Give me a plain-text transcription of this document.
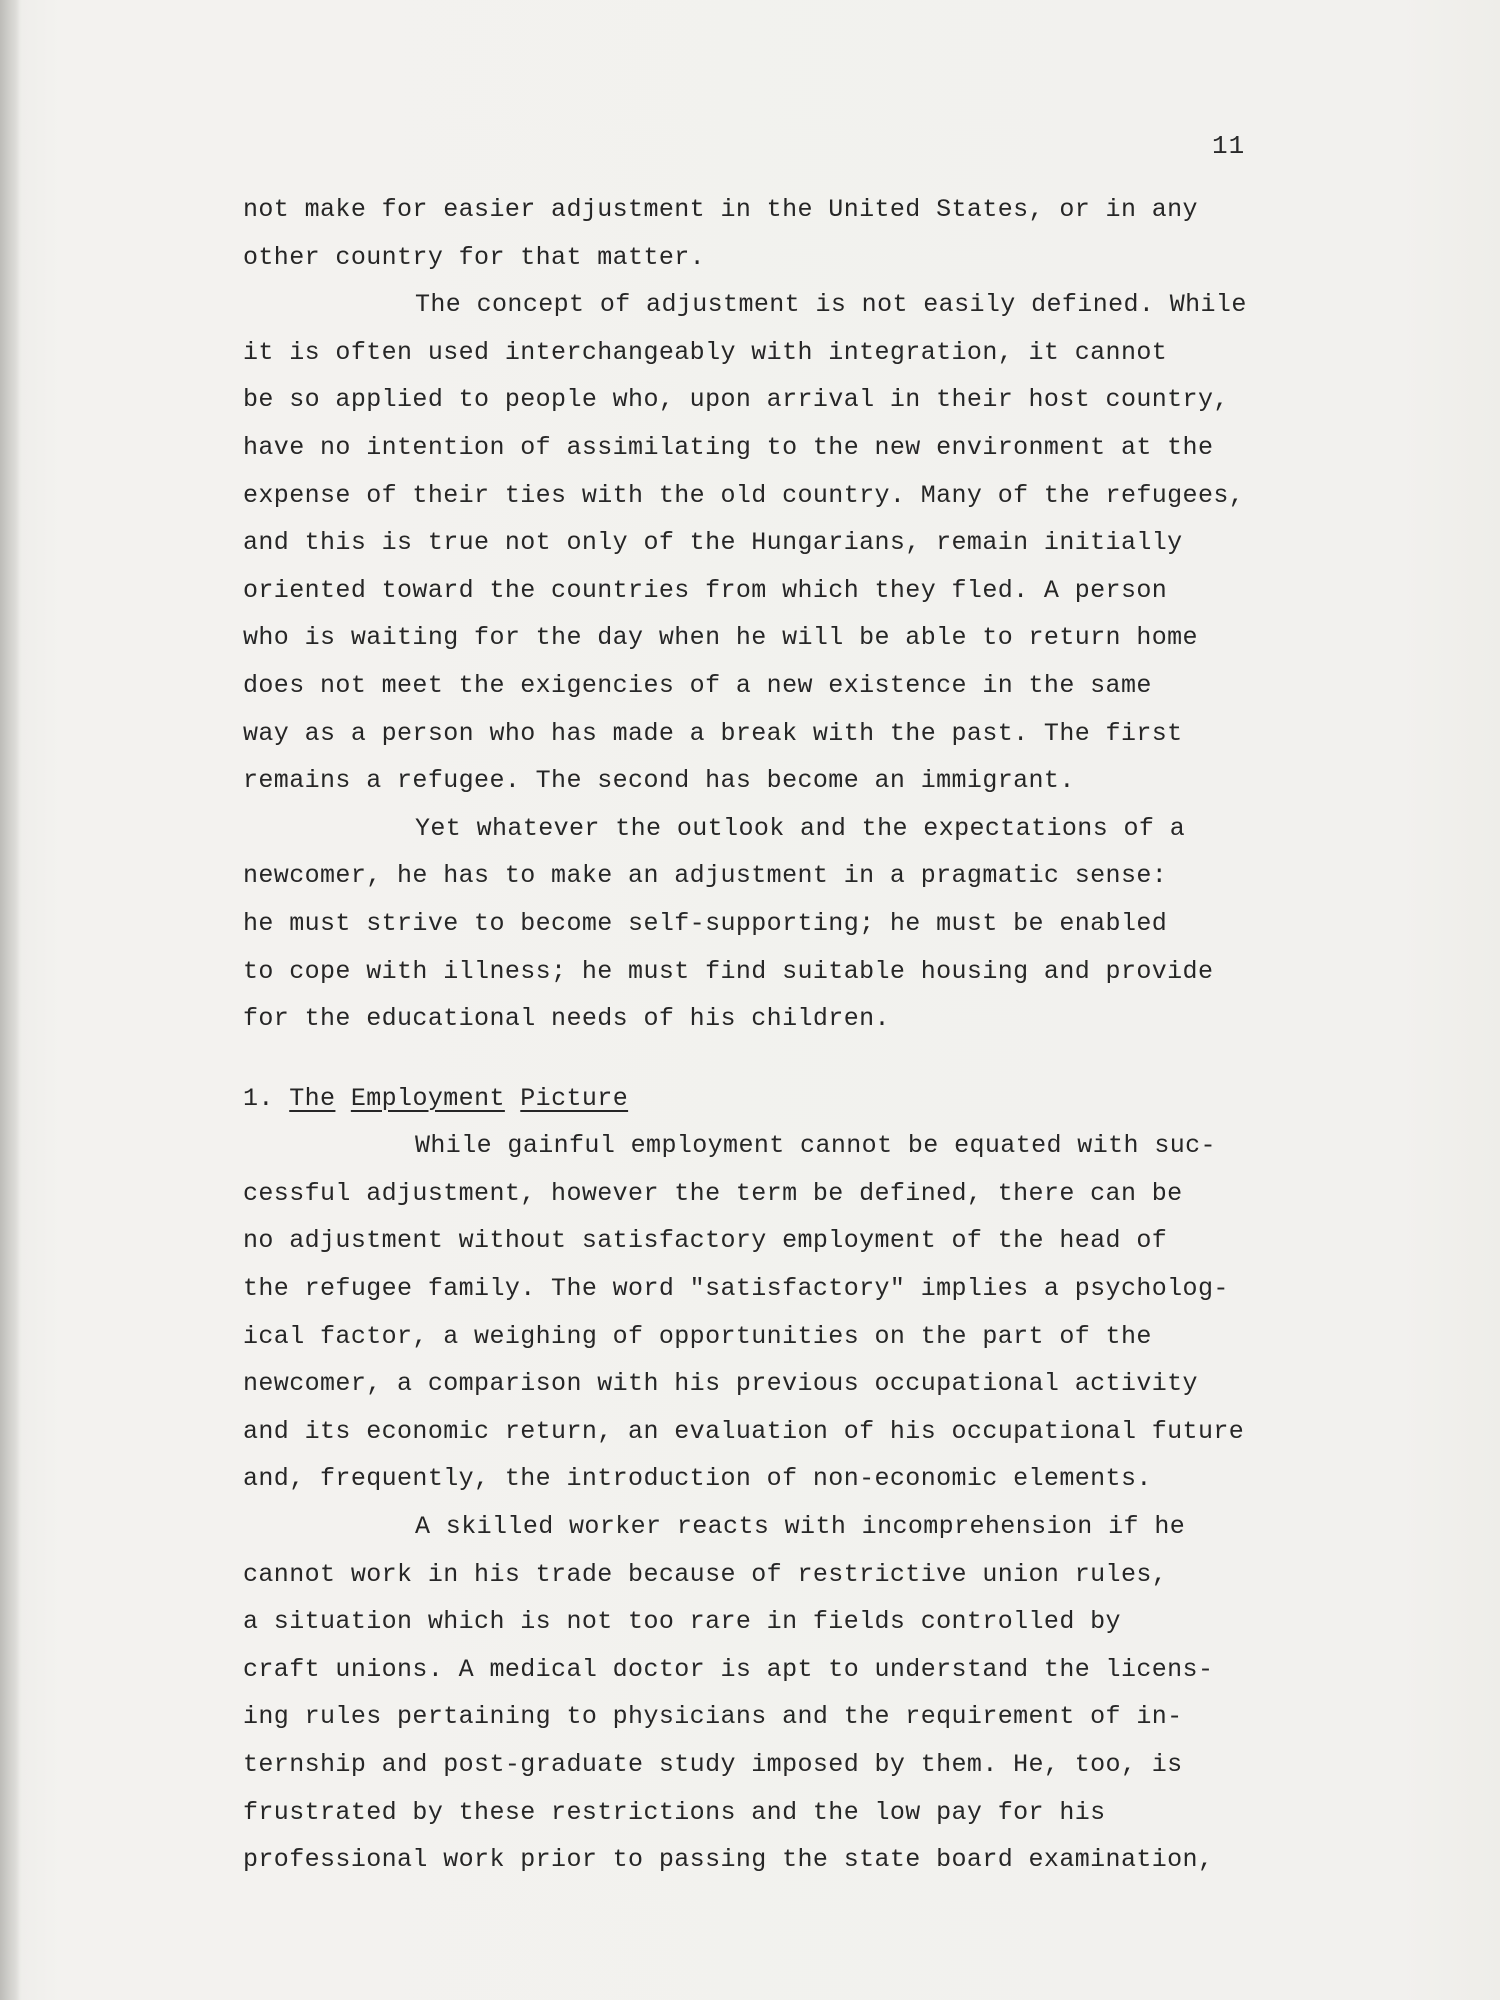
11
not make for easier adjustment in the United States, or in any
other country for that matter.
The concept of adjustment is not easily defined. While
it is often used interchangeably with integration, it cannot
be so applied to people who, upon arrival in their host country,
have no intention of assimilating to the new environment at the
expense of their ties with the old country. Many of the refugees,
and this is true not only of the Hungarians, remain initially
oriented toward the countries from which they fled. A person
who is waiting for the day when he will be able to return home
does not meet the exigencies of a new existence in the same
way as a person who has made a break with the past. The first
remains a refugee. The second has become an immigrant.
Yet whatever the outlook and the expectations of a
newcomer, he has to make an adjustment in a pragmatic sense:
he must strive to become self-supporting; he must be enabled
to cope with illness; he must find suitable housing and provide
for the educational needs of his children.
1. The Employment Picture
While gainful employment cannot be equated with suc-
cessful adjustment, however the term be defined, there can be
no adjustment without satisfactory employment of the head of
the refugee family. The word "satisfactory" implies a psycholog-
ical factor, a weighing of opportunities on the part of the
newcomer, a comparison with his previous occupational activity
and its economic return, an evaluation of his occupational future
and, frequently, the introduction of non-economic elements.
A skilled worker reacts with incomprehension if he
cannot work in his trade because of restrictive union rules,
a situation which is not too rare in fields controlled by
craft unions. A medical doctor is apt to understand the licens-
ing rules pertaining to physicians and the requirement of in-
ternship and post-graduate study imposed by them. He, too, is
frustrated by these restrictions and the low pay for his
professional work prior to passing the state board examination,
